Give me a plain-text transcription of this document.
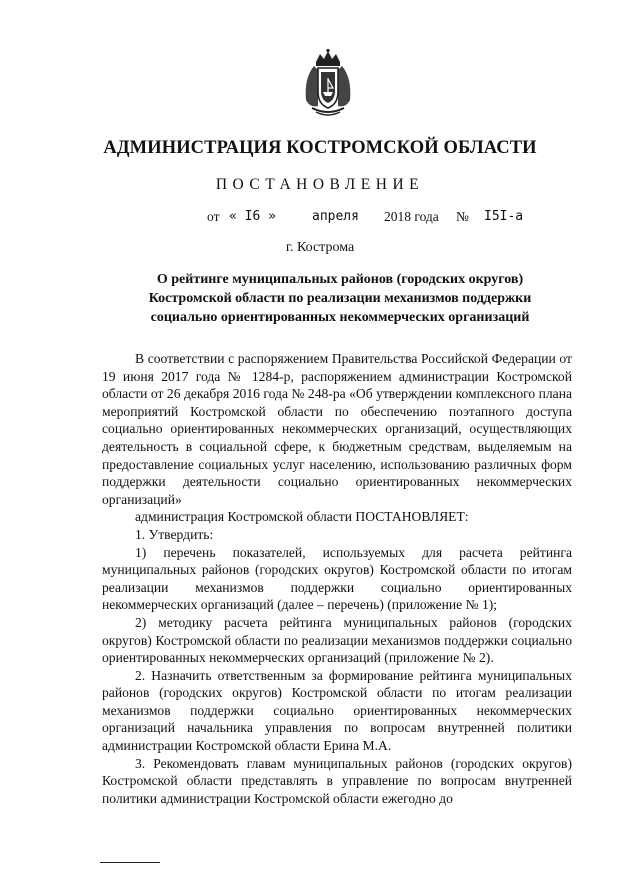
АДМИНИСТРАЦИЯ КОСТРОМСКОЙ ОБЛАСТИ
ПОСТАНОВЛЕНИЕ
от « I6 »	апреля 2018 года № I5I-а
г. Кострома
О рейтинге муниципальных районов (городских округов)
Костромской области по реализации механизмов поддержки
социально ориентированных некоммерческих организаций

В соответствии с распоряжением Правительства Российской Федерации от 19 июня 2017 года № 1284-р, распоряжением администрации Костромской области от 26 декабря 2016 года № 248-ра «Об утверждении комплексного плана мероприятий Костромской области по обеспечению поэтапного доступа социально ориентированных некоммерческих организаций, осуществляющих деятельность в социальной сфере, к бюджетным средствам, выделяемым на предоставление социальных услуг населению, использованию различных форм поддержки деятельности социально ориентированных некоммерческих организаций»

администрация Костромской области ПОСТАНОВЛЯЕТ:

1. Утвердить:

1) перечень показателей, используемых для расчета рейтинга муниципальных районов (городских округов) Костромской области по итогам реализации механизмов поддержки социально ориентированных некоммерческих организаций (далее – перечень) (приложение № 1);

2) методику расчета рейтинга муниципальных районов (городских округов) Костромской области по реализации механизмов поддержки социально ориентированных некоммерческих организаций (приложение № 2).

2. Назначить ответственным за формирование рейтинга муниципальных районов (городских округов) Костромской области по итогам реализации механизмов поддержки социально ориентированных некоммерческих организаций начальника управления по вопросам внутренней политики администрации Костромской области Ерина М.А.

3. Рекомендовать главам муниципальных районов (городских округов) Костромской области представлять в управление по вопросам внутренней политики администрации Костромской области ежегодно до
